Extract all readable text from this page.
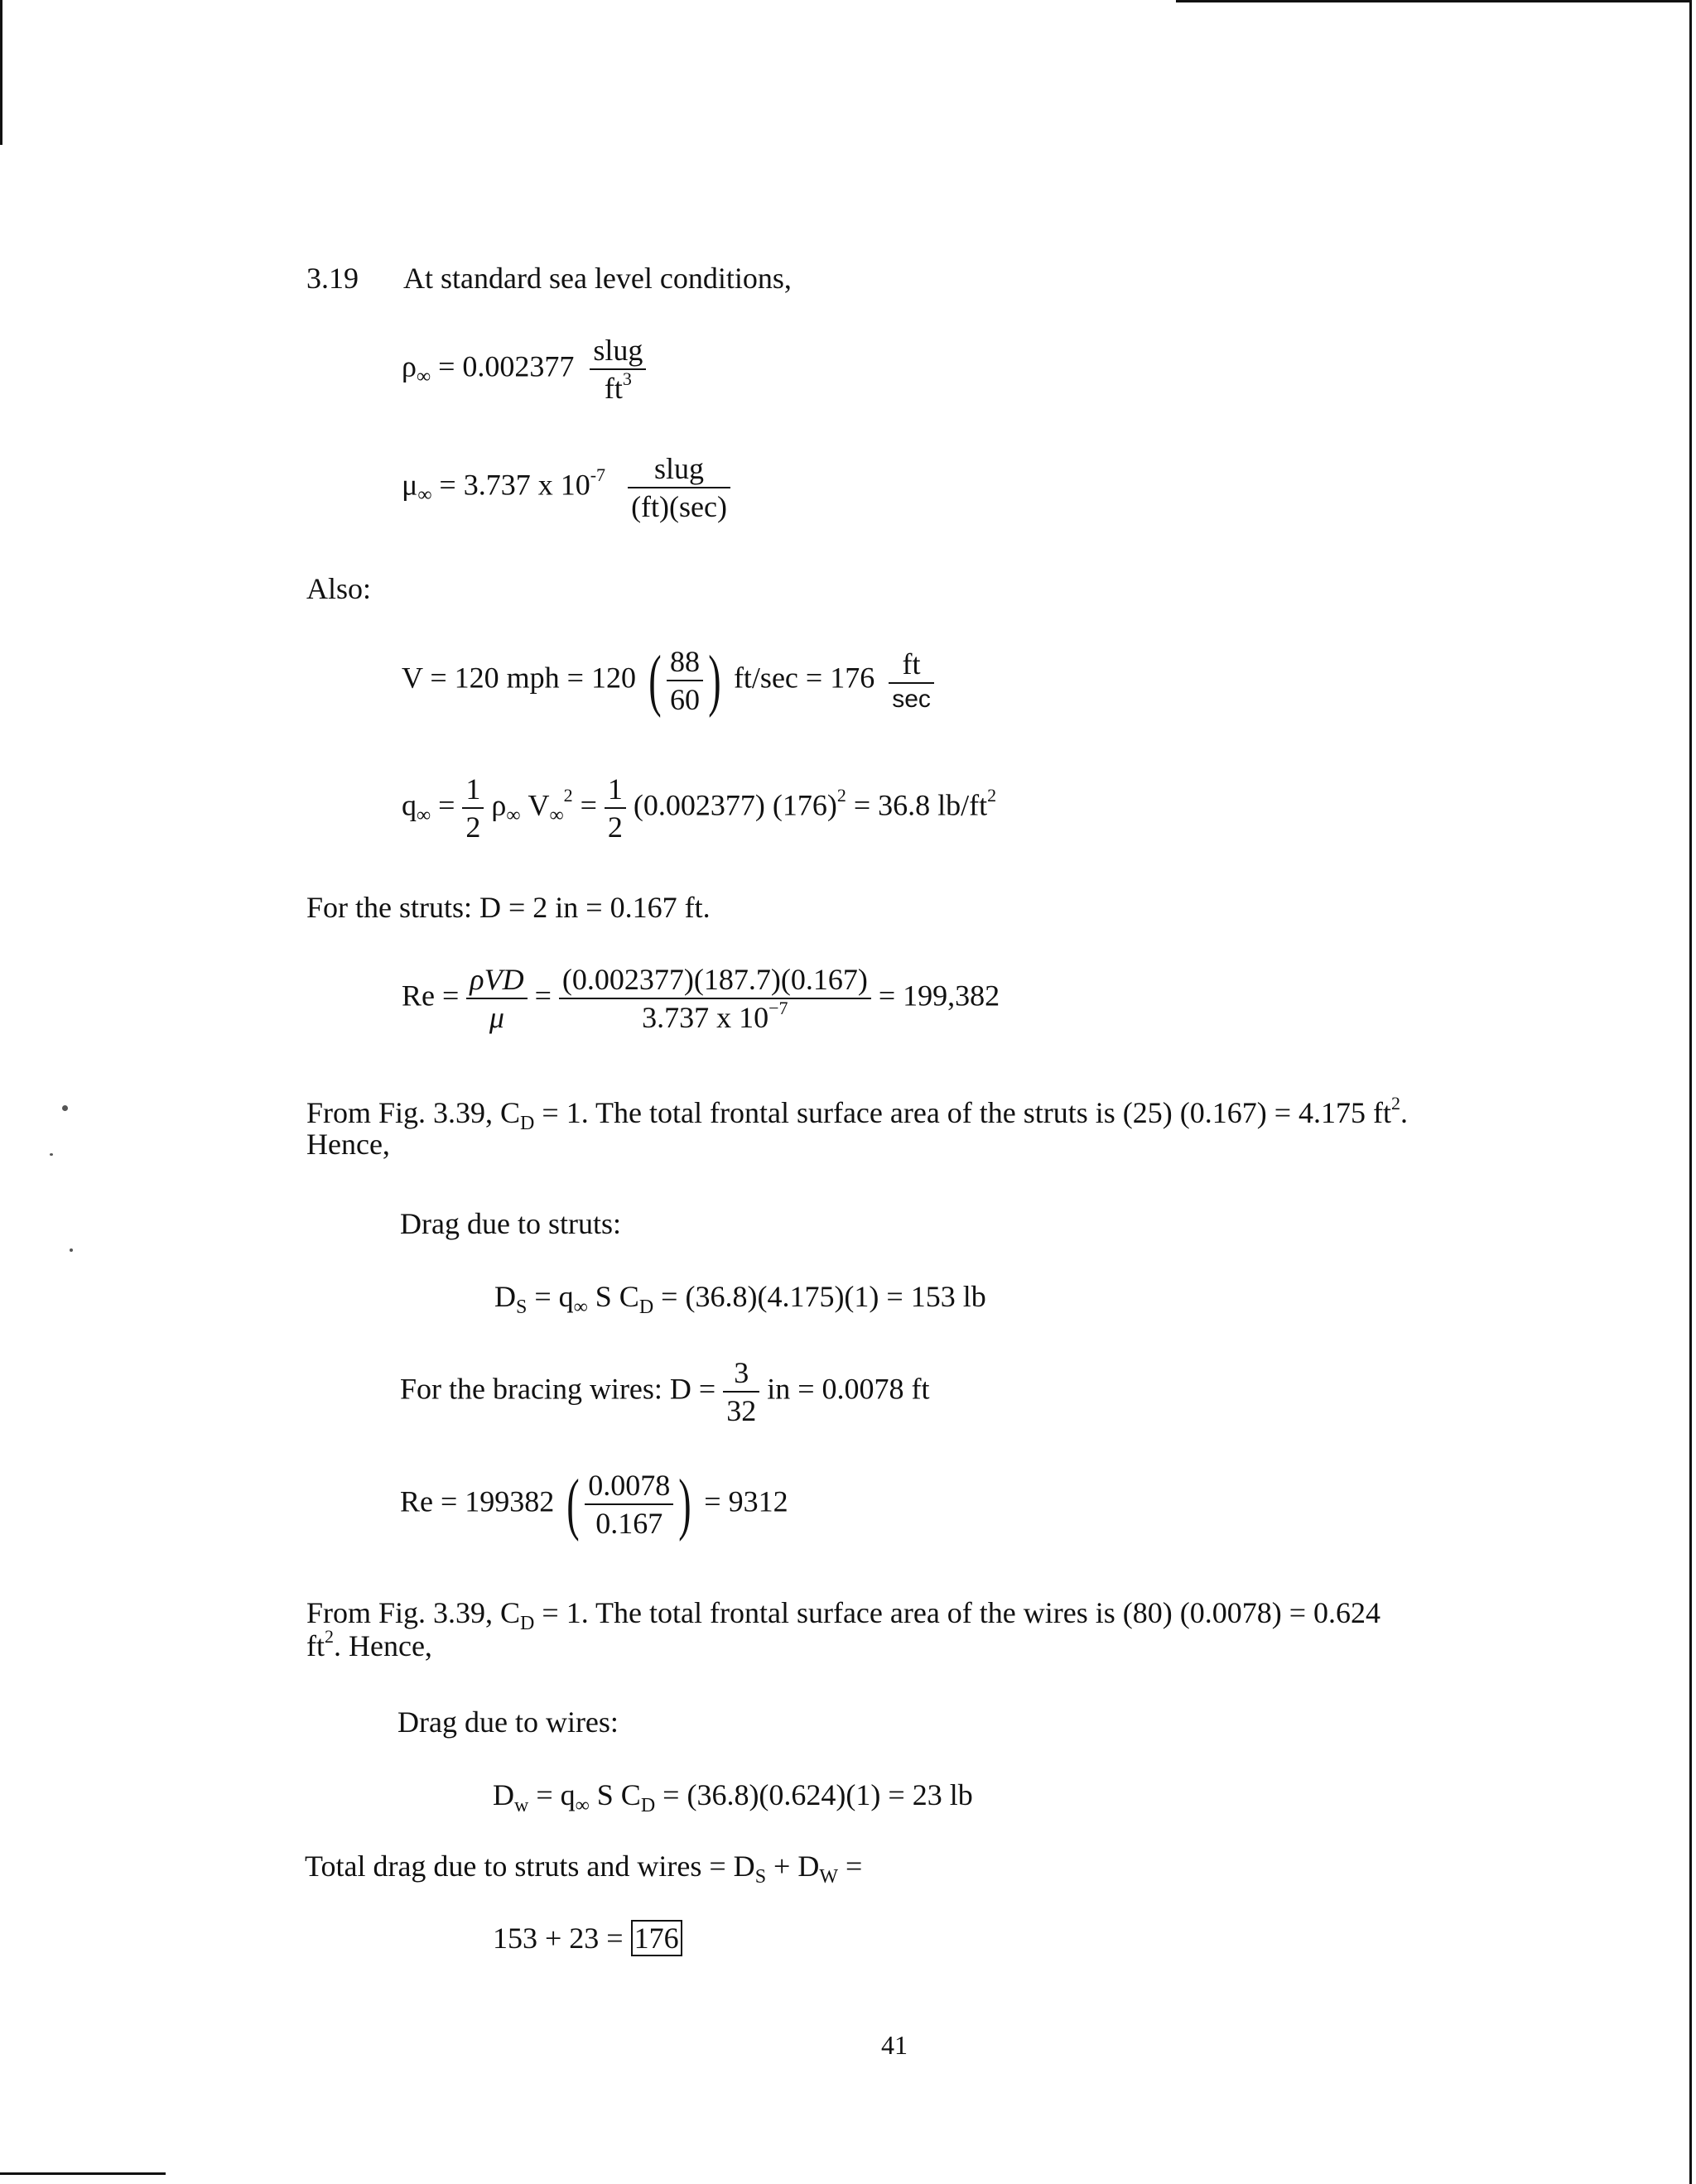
3.19 At standard sea level conditions,
$\rho_\infty = 0.002377 \frac{\text{slug}}{ft^3}$
$\mu_\infty = 3.737$ x $10^{-7} \frac{\text{slug}}{(ft)(\sec)}$
Also:
V = 120 mph = 120 ( $\frac{88}{60}$ ) $ft/\sec = 176 \frac{ft}{\sec}$
$q_\infty = \frac{1}{2} \rho_\infty$ $V_\infty^2 = \frac{1}{2} (0.002377) (176)^2 = 36.8$ $lb/ft^2$
For the struts: D = 2 in = 0.167 ft.
$Re = \frac{\text{ρVD}}{\mu} = \frac{(0.002377)(187.7)(0.167)}{3.737 x 10^{-7}} = 199,382$
From Fig. 3.39, $C_D = 1$. The total frontal surface area of the struts is (25) (0.167) = 4.175 $ft^2$.
Hence,
Drag due to struts:
$D_S = q_\infty$ S $C_D = (36.8)(4.175)(1) = 153$ lb
For the bracing wires: $D = \frac{3}{32}$ in = 0.0078 ft
Re = 199382 ( $\frac{0.0078}{0.167}$ ) = 9312
From Fig. 3.39, $C_D = 1$. The total frontal surface area of the wires is (80) (0.0078) = 0.624
$ft^2$. Hence,
Drag due to wires:
$D_w = q_\infty$ S $C_D = (36.8)(0.624)(1) = 23$ lb
Total drag due to struts and wires = $D_S + D_W$ =
153 + 23 = 176
41
